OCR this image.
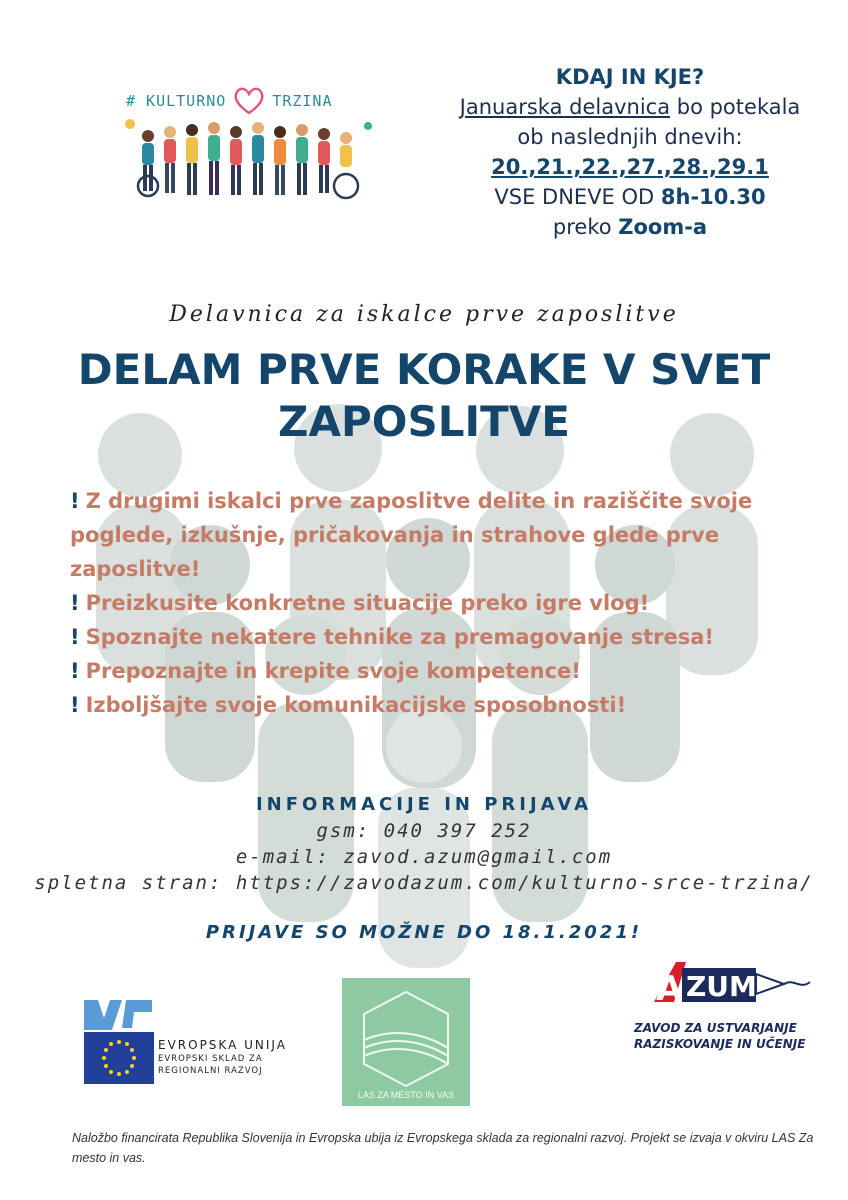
# KULTURNO	TRZINA
KDAJ IN KJE?
Januarska delavnica bo potekala
ob naslednjih dnevih:
20.,21.,22.,27.,28.,29.1
VSE DNEVE OD 8h-10.30
preko Zoom-a
Delavnica za iskalce prve zaposlitve
DELAM PRVE KORAKE V SVET
ZAPOSLITVE
! Z drugimi iskalci prve zaposlitve delite in raziščite svoje poglede, izkušnje, pričakovanja in strahove glede prve zaposlitve!
! Preizkusite konkretne situacije preko igre vlog!
! Spoznajte nekatere tehnike za premagovanje stresa!
! Prepoznajte in krepite svoje kompetence!
! Izboljšajte svoje komunikacijske sposobnosti!
INFORMACIJE IN PRIJAVA
gsm: 040 397 252
e-mail: zavod.azum@gmail.com
spletna stran: https://zavodazum.com/kulturno-srce-trzina/
PRIJAVE SO MOŽNE DO 18.1.2021!
EVROPSKA UNIJA
EVROPSKI SKLAD ZA
REGIONALNI RAZVOJ
LAS ZA MESTO IN VAS
A ZUM
ZAVOD ZA USTVARJANJE
RAZISKOVANJE IN UČENJE
Naložbo financirata Republika Slovenija in Evropska ubija iz Evropskega sklada za regionalni razvoj. Projekt se izvaja v okviru LAS Za mesto in vas.
